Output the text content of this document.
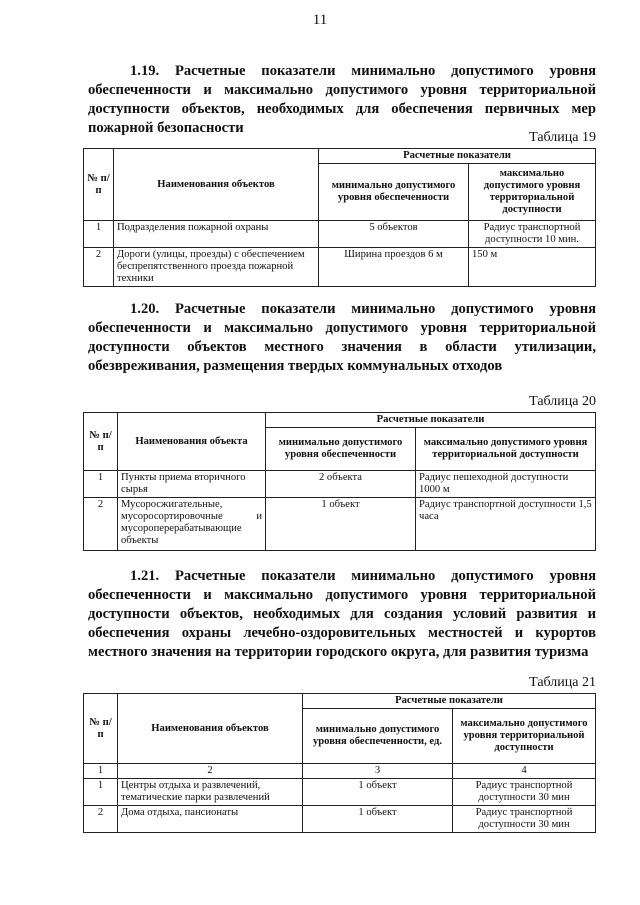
11

1.19. Расчетные показатели минимально допустимого уровня обеспеченности и максимально допустимого уровня территориальной доступности объектов, необходимых для обеспечения первичных мер пожарной безопасности

Таблица 19
№ п/п	Наименования объектов	Расчетные показатели	
		минимально допустимого уровня обеспеченности	максимально допустимого уровня территориальной доступности
1	Подразделения пожарной охраны	5 объектов	Радиус транспортной доступности 10 мин.
2	Дороги (улицы, проезды) с обеспечением беспрепятственного проезда пожарной техники	Ширина проездов 6 м	150 м

1.20. Расчетные показатели минимально допустимого уровня обеспеченности и максимально допустимого уровня территориальной доступности объектов местного значения в области утилизации, обезвреживания, размещения твердых коммунальных отходов

Таблица 20
№ п/п	Наименования объекта	Расчетные показатели	
		минимально допустимого уровня обеспеченности	максимально допустимого уровня территориальной доступности
1	Пункты приема вторичного сырья	2 объекта	Радиус пешеходной доступности 1000 м
2	Мусоросжигательные, мусоросортировочные и мусороперерабатывающие объекты	1 объект	Радиус транспортной доступности 1,5 часа

1.21. Расчетные показатели минимально допустимого уровня обеспеченности и максимально допустимого уровня территориальной доступности объектов, необходимых для создания условий развития и обеспечения охраны лечебно-оздоровительных местностей и курортов местного значения на территории городского округа, для развития туризма

Таблица 21
№ п/п	Наименования объектов	Расчетные показатели	
		минимально допустимого уровня обеспеченности, ед.	максимально допустимого уровня территориальной доступности
1	2	3	4
1	Центры отдыха и развлечений, тематические парки развлечений	1 объект	Радиус транспортной доступности 30 мин
2	Дома отдыха, пансионаты	1 объект	Радиус транспортной доступности 30 мин
